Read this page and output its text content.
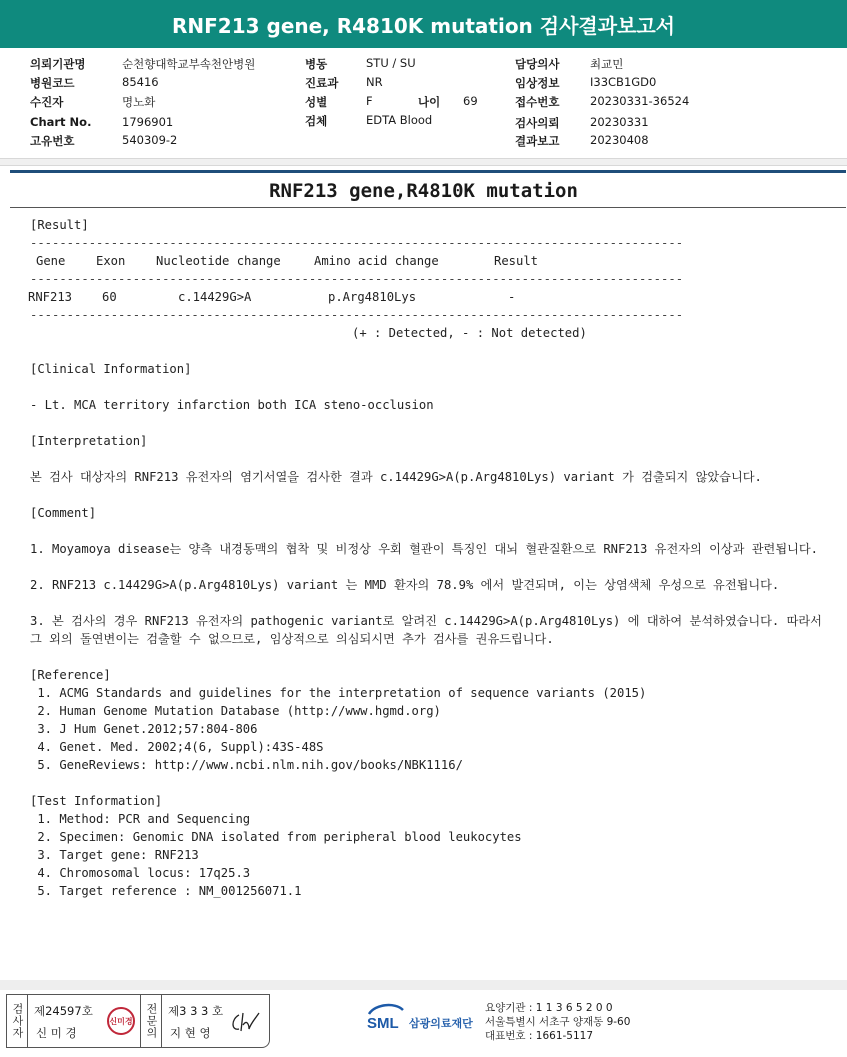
RNF213 gene, R4810K mutation 검사결과보고서
의뢰기관명	순천향대학교부속천안병원
병원코드	85416
수진자	명노화
Chart No.	1796901
고유번호	540309-2
병동	STU / SU
진료과 NR
성별	F	나이 69
검체	EDTA Blood
담당의사	최교민
임상정보	I33CB1GD0
접수번호	20230331-36524
검사의뢰	20230331
결과보고	20230408
RNF213 gene,R4810K mutation
[Result]
-----------------------------------------------------------------------------------------
Gene	Exon	Nucleotide change	Amino acid change	Result
-----------------------------------------------------------------------------------------
RNF213 60	c.14429G>A	p.Arg4810Lys	-
-----------------------------------------------------------------------------------------
(+ : Detected, - : Not detected)
[Clinical Information]
- Lt. MCA territory infarction both ICA steno-occlusion
[Interpretation]
본 검사 대상자의 RNF213 유전자의 염기서열을 검사한 결과 c.14429G>A(p.Arg4810Lys) variant 가 검출되지 않았습니다.
[Comment]
1. Moyamoya disease는 양측 내경동맥의 협착 및 비정상 우회 혈관이 특징인 대뇌 혈관질환으로 RNF213 유전자의 이상과 관련됩니다.
2. RNF213 c.14429G>A(p.Arg4810Lys) variant 는 MMD 환자의 78.9% 에서 발견되며, 이는 상염색체 우성으로 유전됩니다.
3. 본 검사의 경우 RNF213 유전자의 pathogenic variant로 알려진 c.14429G>A(p.Arg4810Lys) 에 대하여 분석하였습니다. 따라서 그 외의 돌연변이는 검출할 수 없으므로, 임상적으로 의심되시면 추가 검사를 권유드립니다.
[Reference]
1. ACMG Standards and guidelines for the interpretation of sequence variants (2015)
2. Human Genome Mutation Database (http://www.hgmd.org)
3. J Hum Genet.2012;57:804-806
4. Genet. Med. 2002;4(6, Suppl):43S-48S
5. GeneReviews: http://www.ncbi.nlm.nih.gov/books/NBK1116/
[Test Information]
1. Method: PCR and Sequencing
2. Specimen: Genomic DNA isolated from peripheral blood leukocytes
3. Target gene: RNF213
4. Chromosomal locus: 17q25.3
5. Target reference : NM_001256071.1
검사자 제24597호
신 미 경
신미경 전문의 제3 3 3 호
지 현 영
SML 삼광의료재단
요양기관 : 1 1 3 6 5 2 0 0
서울특별시 서초구 양재동 9-60
대표번호 : 1661-5117
